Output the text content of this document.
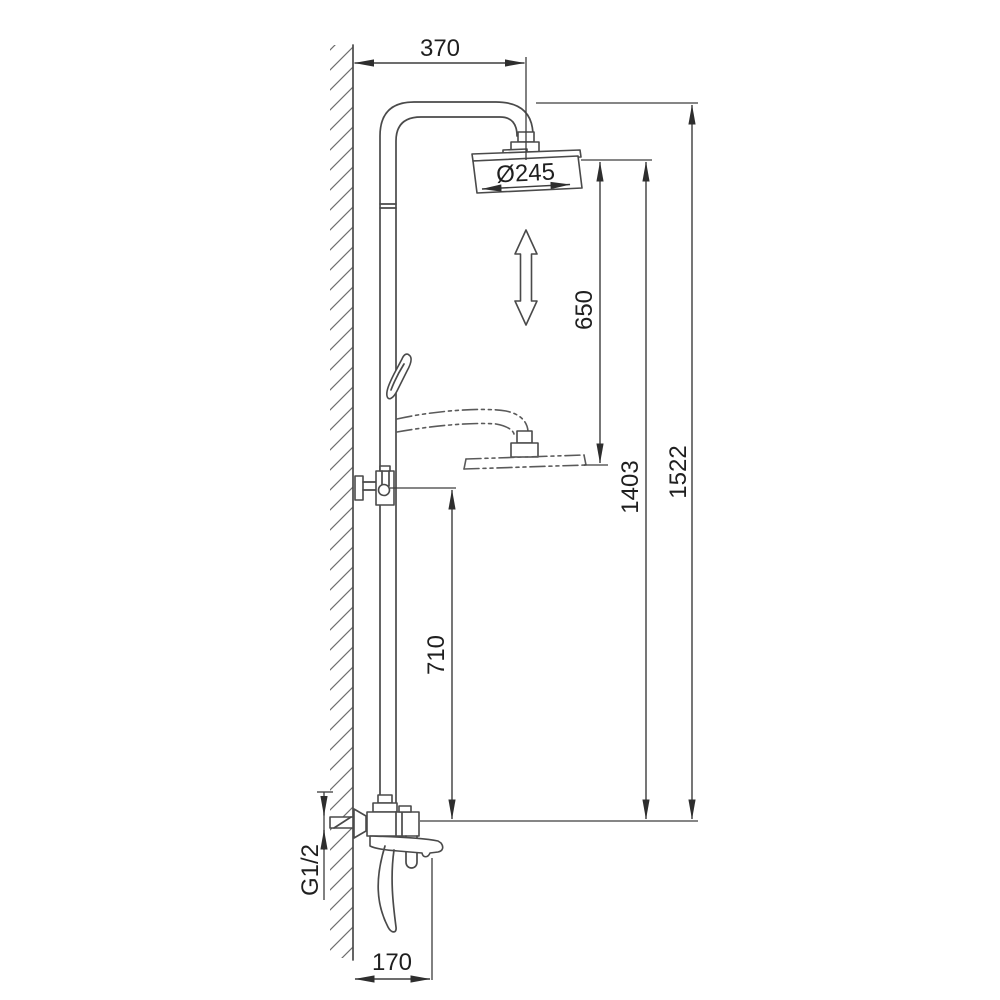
Ø245
370
650
1403 1522
710
G1/2
170
